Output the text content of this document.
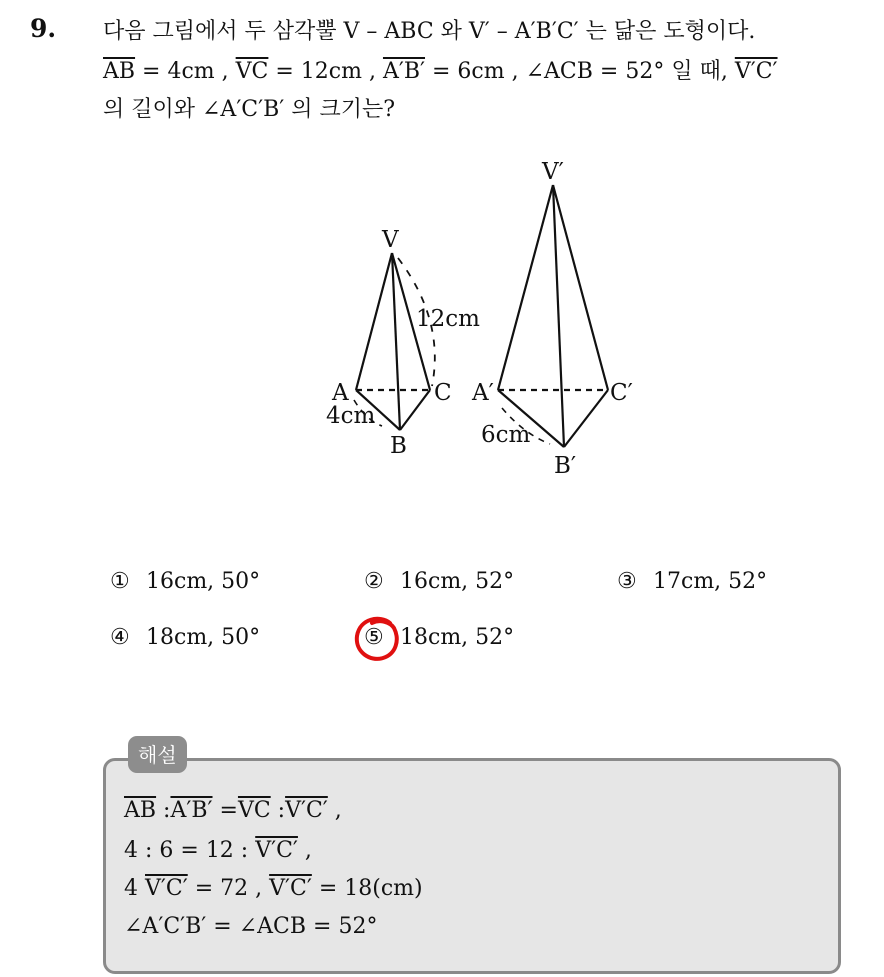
9. 다음 그림에서 두 삼각뿔 V – ABC 와 V′ – A′B′C′ 는 닮은 도형이다.
$\overline{AB} = 4cm$ , $\overline{VC} = 12cm$ , A′B′ = 6cm , ∠ACB = 52° 일 때, V′C′
의 길이와 ∠A′C′B′ 의 크기는?
V
A	C
B
12cm
4cm
V′
A′	C′
B′
6cm
① 16cm, 50°	② 16cm, 52°	③ 17cm, 52°
④ 18cm, 50°	⑤ 18cm, 52°
해설
$\overline{AB}$ :A′B′ $=\overline{VC}$ :V′C′ ,
4 : 6 = 12 : V′C′ ,
4 V′C′ = 72 , V′C′ = 18(cm)
∠A′C′B′ = ∠ACB = 52°
